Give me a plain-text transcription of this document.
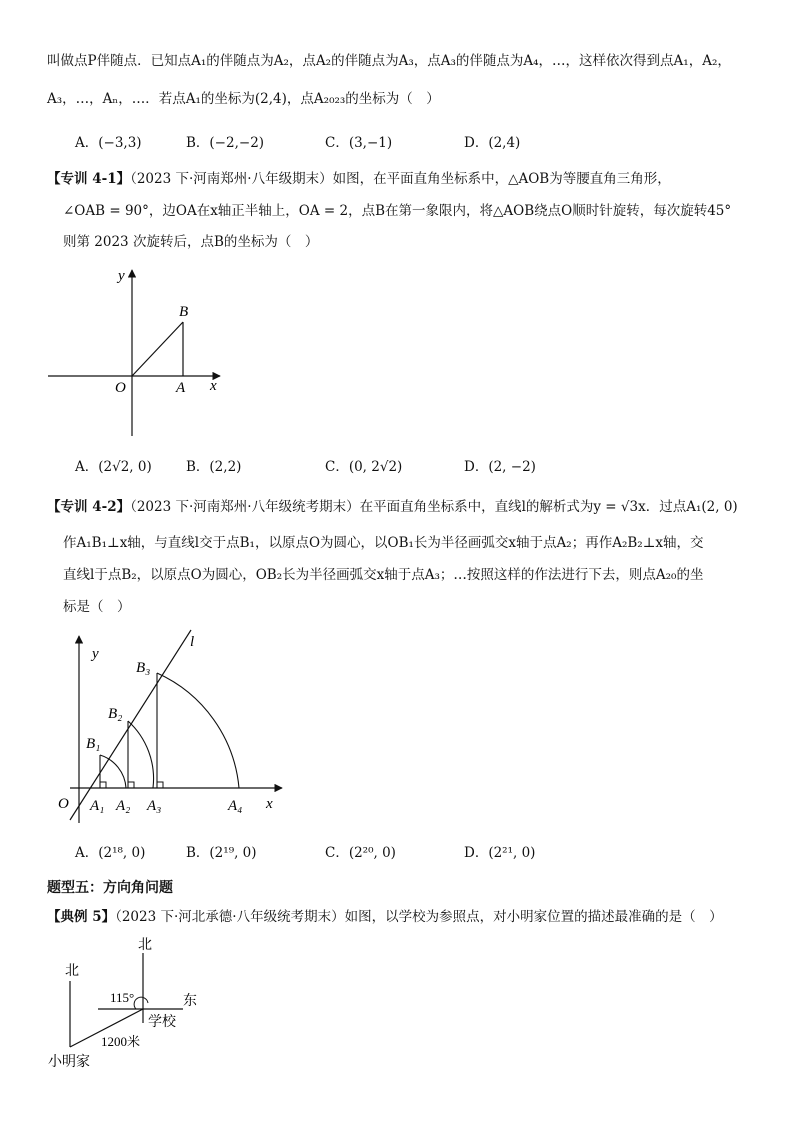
叫做点P伴随点．已知点A₁的伴随点为A₂，点A₂的伴随点为A₃，点A₃的伴随点为A₄，…，这样依次得到点A₁，A₂，
A₃，…，Aₙ，…．若点A₁的坐标为(2,4)，点A₂₀₂₃的坐标为（　）
A．(−3,3)	B．(−2,−2)	C．(3,−1)	D．(2,4)
【专训 4-1】（2023 下·河南郑州·八年级期末）如图，在平面直角坐标系中，△AOB为等腰直角三角形，
∠OAB = 90°，边OA在x轴正半轴上，OA = 2，点B在第一象限内，将△AOB绕点O顺时针旋转，每次旋转45°
则第 2023 次旋转后，点B的坐标为（　）
y
x
O	A
B
A．(2√2, 0)	B．(2,2)	C．(0, 2√2)	D．(2, −2)
【专训 4-2】（2023 下·河南郑州·八年级统考期末）在平面直角坐标系中，直线l的解析式为y = √3x．过点A₁(2, 0)
作A₁B₁⊥x轴，与直线l交于点B₁，以原点O为圆心，以OB₁长为半径画弧交x轴于点A₂；再作A₂B₂⊥x轴，交
直线l于点B₂，以原点O为圆心，OB₂长为半径画弧交x轴于点A₃；…按照这样的作法进行下去，则点A₂₀的坐
标是（　）
l
y
x
O
B₁
B₂
B₃
A₁ A₂ A₃	A₄
A．(2¹⁸, 0)	B．(2¹⁹, 0)	C．(2²⁰, 0)	D．(2²¹, 0)
题型五：方向角问题
【典例 5】（2023 下·河北承德·八年级统考期末）如图，以学校为参照点，对小明家位置的描述最准确的是（　）
北
北
东
学校
小明家
115°
1200米
